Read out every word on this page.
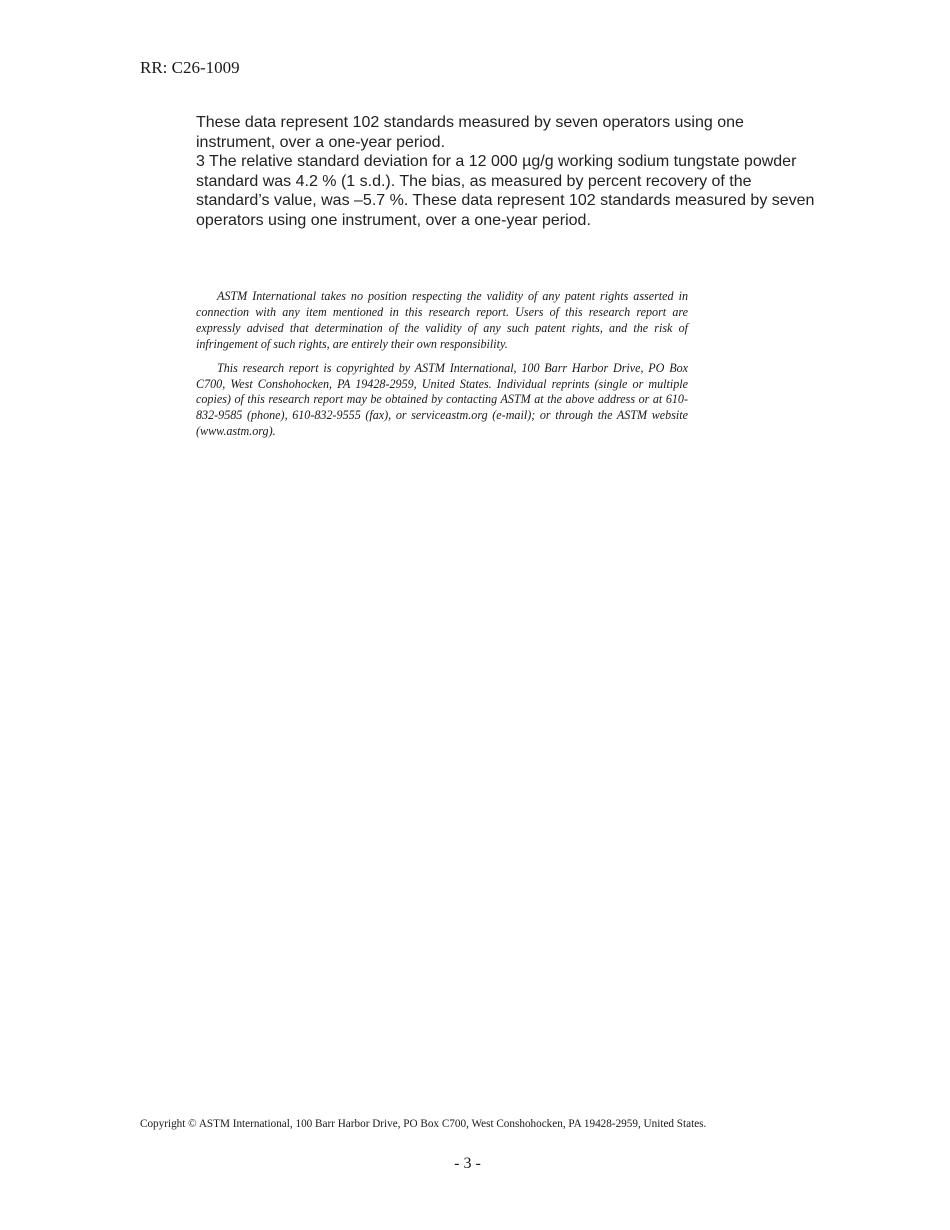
RR: C26-1009

These data represent 102 standards measured by seven operators using one instrument, over a one-year period.

3 The relative standard deviation for a 12 000 µg/g working sodium tungstate powder standard was 4.2 % (1 s.d.). The bias, as measured by percent recovery of the standard’s value, was –5.7 %. These data represent 102 standards measured by seven operators using one instrument, over a one-year period.

ASTM International takes no position respecting the validity of any patent rights asserted in connection with any item mentioned in this research report. Users of this research report are expressly advised that determination of the validity of any such patent rights, and the risk of infringement of such rights, are entirely their own responsibility.

This research report is copyrighted by ASTM International, 100 Barr Harbor Drive, PO Box C700, West Conshohocken, PA 19428-2959, United States. Individual reprints (single or multiple copies) of this research report may be obtained by contacting ASTM at the above address or at 610-832-9585 (phone), 610-832-9555 (fax), or serviceastm.org (e-mail); or through the ASTM website (www.astm.org).

Copyright © ASTM International, 100 Barr Harbor Drive, PO Box C700, West Conshohocken, PA 19428-2959, United States.
- 3 -
